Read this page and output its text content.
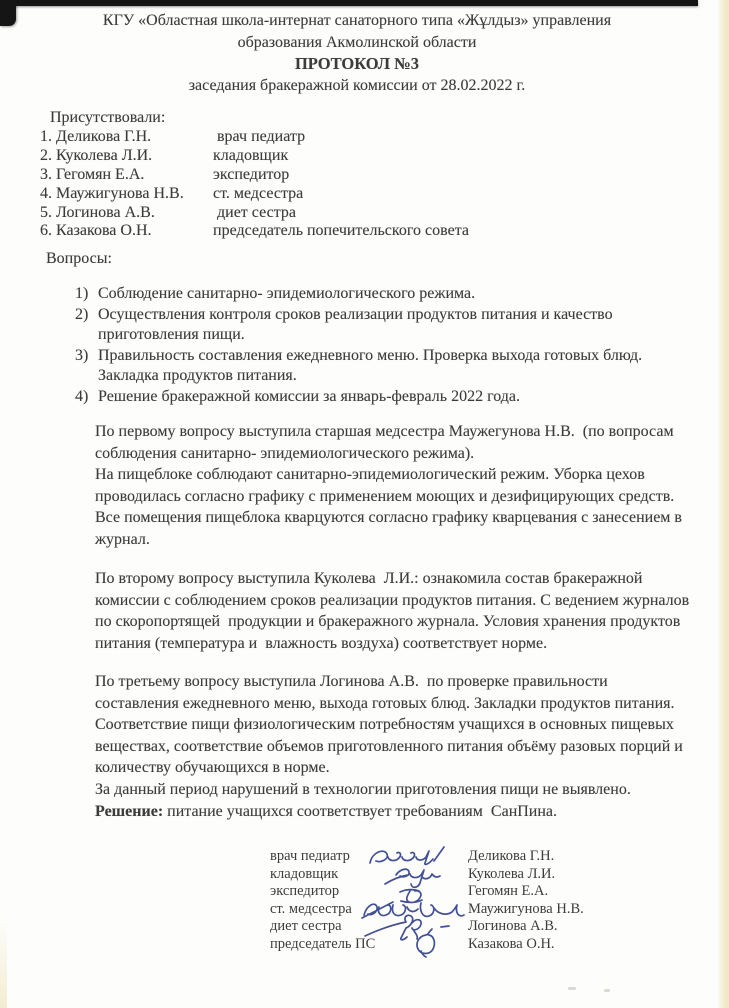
КГУ «Областная школа-интернат санаторного типа «Жұлдыз» управления
образования Акмолинской области
ПРОТОКОЛ №3
заседания бракеражной комиссии от 28.02.2022 г.
Присутствовали:
1. Деликова Г.Н.	врач педиатр
2. Куколева Л.И.	кладовщик
3. Гегомян Е.А.	экспедитор
4. Маужигунова Н.В.	ст. медсестра
5. Логинова А.В.	диет сестра
6. Казакова О.Н.	председатель попечительского совета
Вопросы:
1) Соблюдение санитарно- эпидемиологического режима.
2) Осуществления контроля сроков реализации продуктов питания и качество
приготовления пищи.
3) Правильность составления ежедневного меню. Проверка выхода готовых блюд.
Закладка продуктов питания.
4) Решение бракеражной комиссии за январь-февраль 2022 года.
По первому вопросу выступила старшая медсестра Маужегунова Н.В.  (по вопросам
соблюдения санитарно- эпидемиологического режима).
На пищеблоке соблюдают санитарно-эпидемиологический режим. Уборка цехов
проводилась согласно графику с применением моющих и дезифицирующих средств.
Все помещения пищеблока кварцуются согласно графику кварцевания с занесением в
журнал.
По второму вопросу выступила Куколева  Л.И.: ознакомила состав бракеражной
комиссии с соблюдением сроков реализации продуктов питания. С ведением журналов
по скоропортящей  продукции и бракеражного журнала. Условия хранения продуктов
питания (температура и  влажность воздуха) соответствует норме.
По третьему вопросу выступила Логинова А.В.  по проверке правильности
составления ежедневного меню, выхода готовых блюд. Закладки продуктов питания.
Соответствие пищи физиологическим потребностям учащихся в основных пищевых
веществах, соответствие объемов приготовленного питания объёму разовых порций и
количеству обучающихся в норме.
За данный период нарушений в технологии приготовления пищи не выявлено.
Решение: питание учащихся соответствует требованиям  СанПина.
врач педиатр	Деликова Г.Н.
кладовщик	Куколева Л.И.
экспедитор	Гегомян Е.А.
ст. медсестра	Маужигунова Н.В.
диет сестра	Логинова А.В.
председатель ПС	Казакова О.Н.
